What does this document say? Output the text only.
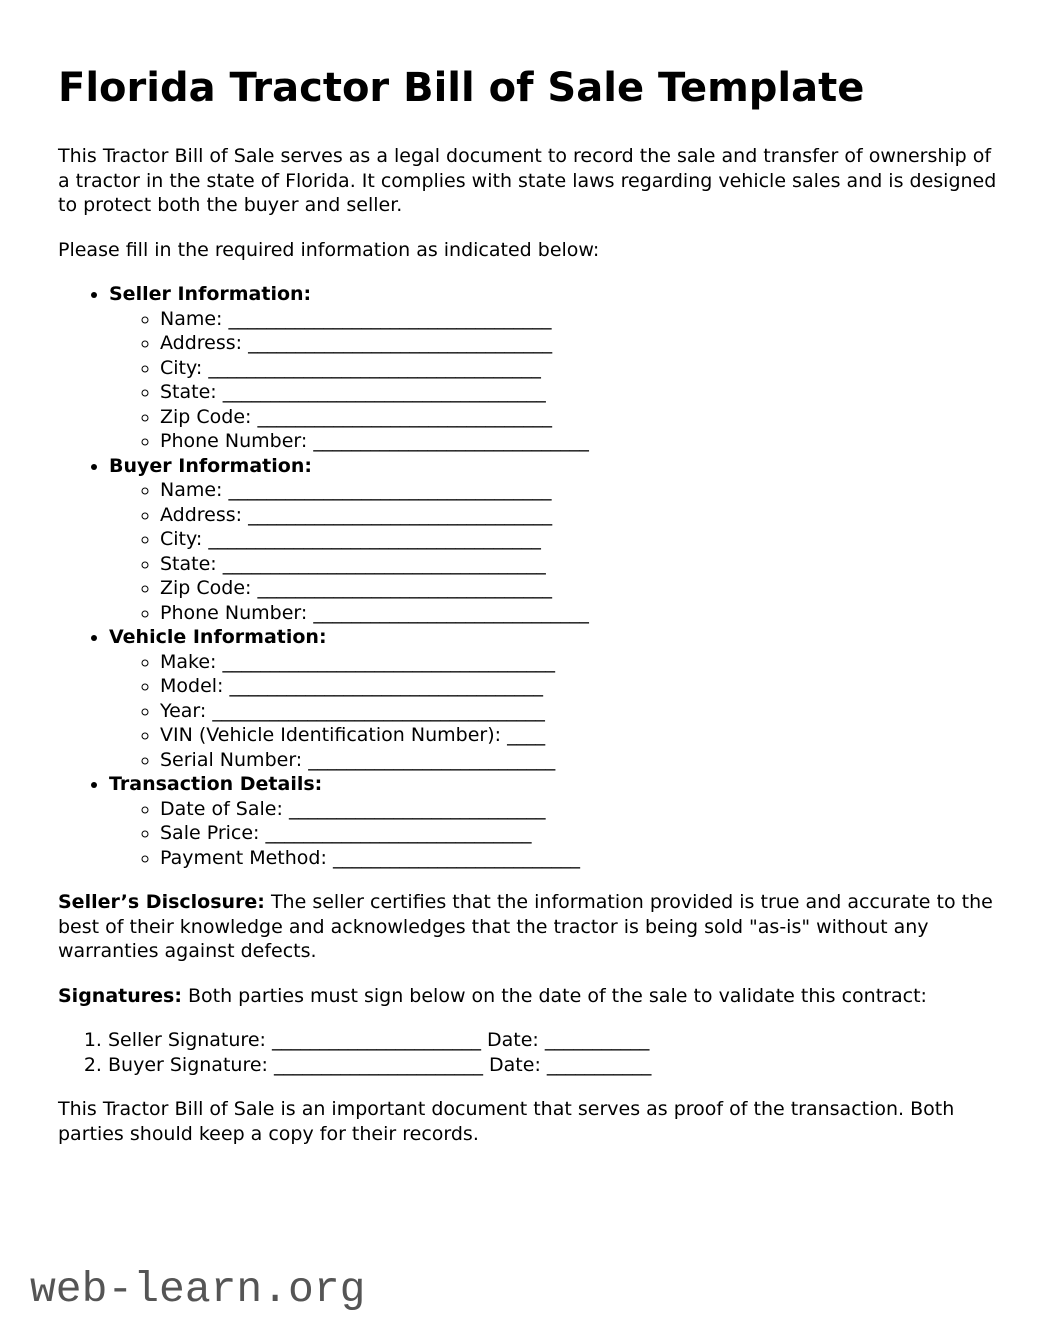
Florida Tractor Bill of Sale Template

This Tractor Bill of Sale serves as a legal document to record the sale and transfer of ownership of a tractor in the state of Florida. It complies with state laws regarding vehicle sales and is designed to protect both the buyer and seller.

Please fill in the required information as indicated below:

• Seller Information:
◦ Name: __________________________________
◦ Address: ________________________________
◦ City: ___________________________________
◦ State: __________________________________
◦ Zip Code: _______________________________
◦ Phone Number: _____________________________
• Buyer Information:
◦ Name: __________________________________
◦ Address: ________________________________
◦ City: ___________________________________
◦ State: __________________________________
◦ Zip Code: _______________________________
◦ Phone Number: _____________________________
• Vehicle Information:
◦ Make: ___________________________________
◦ Model: _________________________________
◦ Year: ___________________________________
◦ VIN (Vehicle Identification Number): ____
◦ Serial Number: __________________________
• Transaction Details:
◦ Date of Sale: ___________________________
◦ Sale Price: ____________________________
◦ Payment Method: __________________________

Seller’s Disclosure: The seller certifies that the information provided is true and accurate to the best of their knowledge and acknowledges that the tractor is being sold "as-is" without any warranties against defects.

Signatures: Both parties must sign below on the date of the sale to validate this contract:

1. Seller Signature: ______________________ Date: ___________
2. Buyer Signature: ______________________ Date: ___________

This Tractor Bill of Sale is an important document that serves as proof of the transaction. Both parties should keep a copy for their records.

web-learn.org
